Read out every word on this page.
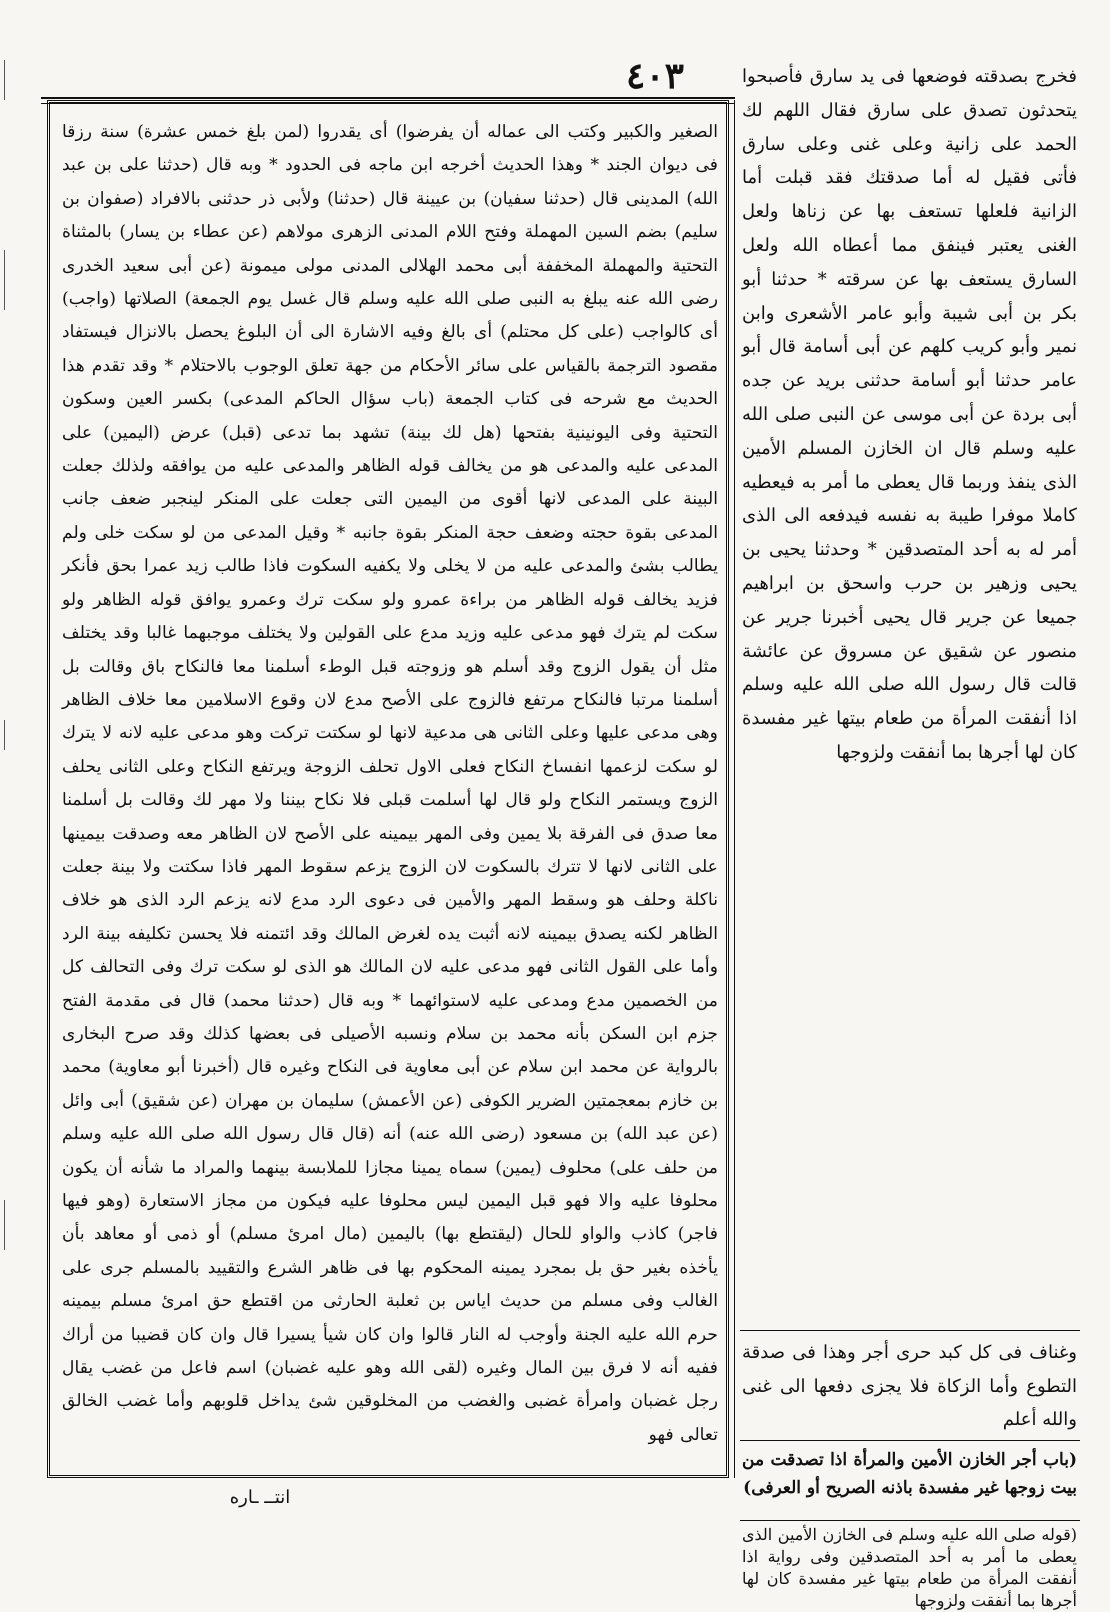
٤٠٣

الصغير والكبير وكتب الى عماله أن يفرضوا) أى يقدروا (لمن بلغ خمس عشرة) سنة رزقا فى ديوان الجند * وهذا الحديث أخرجه ابن ماجه فى الحدود * وبه قال (حدثنا على بن عبد الله) المدينى قال (حدثنا سفيان) بن عيينة قال (حدثنا) ولأبى ذر حدثنى بالافراد (صفوان بن سليم) بضم السين المهملة وفتح اللام المدنى الزهرى مولاهم (عن عطاء بن يسار) بالمثناة التحتية والمهملة المخففة أبى محمد الهلالى المدنى مولى ميمونة (عن أبى سعيد الخدرى رضى الله عنه يبلغ به النبى صلى الله عليه وسلم قال غسل يوم الجمعة) الصلاتها (واجب) أى كالواجب (على كل محتلم) أى بالغ وفيه الاشارة الى أن البلوغ يحصل بالانزال فيستفاد مقصود الترجمة بالقياس على سائر الأحكام من جهة تعلق الوجوب بالاحتلام * وقد تقدم هذا الحديث مع شرحه فى كتاب الجمعة (باب سؤال الحاكم المدعى) بكسر العين وسكون التحتية وفى اليونينية بفتحها (هل لك بينة) تشهد بما تدعى (قبل) عرض (اليمين) على المدعى عليه والمدعى هو من يخالف قوله الظاهر والمدعى عليه من يوافقه ولذلك جعلت البينة على المدعى لانها أقوى من اليمين التى جعلت على المنكر لينجبر ضعف جانب المدعى بقوة حجته وضعف حجة المنكر بقوة جانبه * وقيل المدعى من لو سكت خلى ولم يطالب بشئ والمدعى عليه من لا يخلى ولا يكفيه السكوت فاذا طالب زيد عمرا بحق فأنكر فزيد يخالف قوله الظاهر من براءة عمرو ولو سكت ترك وعمرو يوافق قوله الظاهر ولو سكت لم يترك فهو مدعى عليه وزيد مدع على القولين ولا يختلف موجبهما غالبا وقد يختلف مثل أن يقول الزوج وقد أسلم هو وزوجته قبل الوطء أسلمنا معا فالنكاح باق وقالت بل أسلمنا مرتبا فالنكاح مرتفع فالزوج على الأصح مدع لان وقوع الاسلامين معا خلاف الظاهر وهى مدعى عليها وعلى الثانى هى مدعية لانها لو سكتت تركت وهو مدعى عليه لانه لا يترك لو سكت لزعمها انفساخ النكاح فعلى الاول تحلف الزوجة ويرتفع النكاح وعلى الثانى يحلف الزوج ويستمر النكاح ولو قال لها أسلمت قبلى فلا نكاح بيننا ولا مهر لك وقالت بل أسلمنا معا صدق فى الفرقة بلا يمين وفى المهر بيمينه على الأصح لان الظاهر معه وصدقت بيمينها على الثانى لانها لا تترك بالسكوت لان الزوج يزعم سقوط المهر فاذا سكتت ولا بينة جعلت ناكلة وحلف هو وسقط المهر والأمين فى دعوى الرد مدع لانه يزعم الرد الذى هو خلاف الظاهر لكنه يصدق بيمينه لانه أثبت يده لغرض المالك وقد ائتمنه فلا يحسن تكليفه بينة الرد وأما على القول الثانى فهو مدعى عليه لان المالك هو الذى لو سكت ترك وفى التحالف كل من الخصمين مدع ومدعى عليه لاستوائهما * وبه قال (حدثنا محمد) قال فى مقدمة الفتح جزم ابن السكن بأنه محمد بن سلام ونسبه الأصيلى فى بعضها كذلك وقد صرح البخارى بالرواية عن محمد ابن سلام عن أبى معاوية فى النكاح وغيره قال (أخبرنا أبو معاوية) محمد بن خازم بمعجمتين الضرير الكوفى (عن الأعمش) سليمان بن مهران (عن شقيق) أبى وائل (عن عبد الله) بن مسعود (رضى الله عنه) أنه (قال قال رسول الله صلى الله عليه وسلم من حلف على) محلوف (يمين) سماه يمينا مجازا للملابسة بينهما والمراد ما شأنه أن يكون محلوفا عليه والا فهو قبل اليمين ليس محلوفا عليه فيكون من مجاز الاستعارة (وهو فيها فاجر) كاذب والواو للحال (ليقتطع بها) باليمين (مال امرئ مسلم) أو ذمى أو معاهد بأن يأخذه بغير حق بل بمجرد يمينه المحكوم بها فى ظاهر الشرع والتقييد بالمسلم جرى على الغالب وفى مسلم من حديث اياس بن ثعلبة الحارثى من اقتطع حق امرئ مسلم بيمينه حرم الله عليه الجنة وأوجب له النار قالوا وان كان شيأ يسيرا قال وان كان قضيبا من أراك ففيه أنه لا فرق بين المال وغيره (لقى الله وهو عليه غضبان) اسم فاعل من غضب يقال رجل غضبان وامرأة غضبى والغضب من المخلوقين شئ يداخل قلوبهم وأما غضب الخالق تعالى فهو

فخرج بصدقته فوضعها فى يد سارق فأصبحوا يتحدثون تصدق على سارق فقال اللهم لك الحمد على زانية وعلى غنى وعلى سارق فأتى فقيل له أما صدقتك فقد قبلت أما الزانية فلعلها تستعف بها عن زناها ولعل الغنى يعتبر فينفق مما أعطاه الله ولعل السارق يستعف بها عن سرقته * حدثنا أبو بكر بن أبى شيبة وأبو عامر الأشعرى وابن نمير وأبو كريب كلهم عن أبى أسامة قال أبو عامر حدثنا أبو أسامة حدثنى بريد عن جده أبى بردة عن أبى موسى عن النبى صلى الله عليه وسلم قال ان الخازن المسلم الأمين الذى ينفذ وربما قال يعطى ما أمر به فيعطيه كاملا موفرا طيبة به نفسه فيدفعه الى الذى أمر له به أحد المتصدقين * وحدثنا يحيى بن يحيى وزهير بن حرب واسحق بن ابراهيم جميعا عن جرير قال يحيى أخبرنا جرير عن منصور عن شقيق عن مسروق عن عائشة قالت قال رسول الله صلى الله عليه وسلم اذا أنفقت المرأة من طعام بيتها غير مفسدة كان لها أجرها بما أنفقت ولزوجها

وغناف فى كل كبد حرى أجر وهذا فى صدقة التطوع وأما الزكاة فلا يجزى دفعها الى غنى والله أعلم

(باب أجر الخازن الأمين والمرأة اذا تصدقت من بيت زوجها غير مفسدة باذنه الصريح أو العرفى)

(قوله صلى الله عليه وسلم فى الخازن الأمين الذى يعطى ما أمر به أحد المتصدقين وفى رواية اذا أنفقت المرأة من طعام بيتها غير مفسدة كان لها أجرها بما أنفقت ولزوجها

انتــ ـاره
